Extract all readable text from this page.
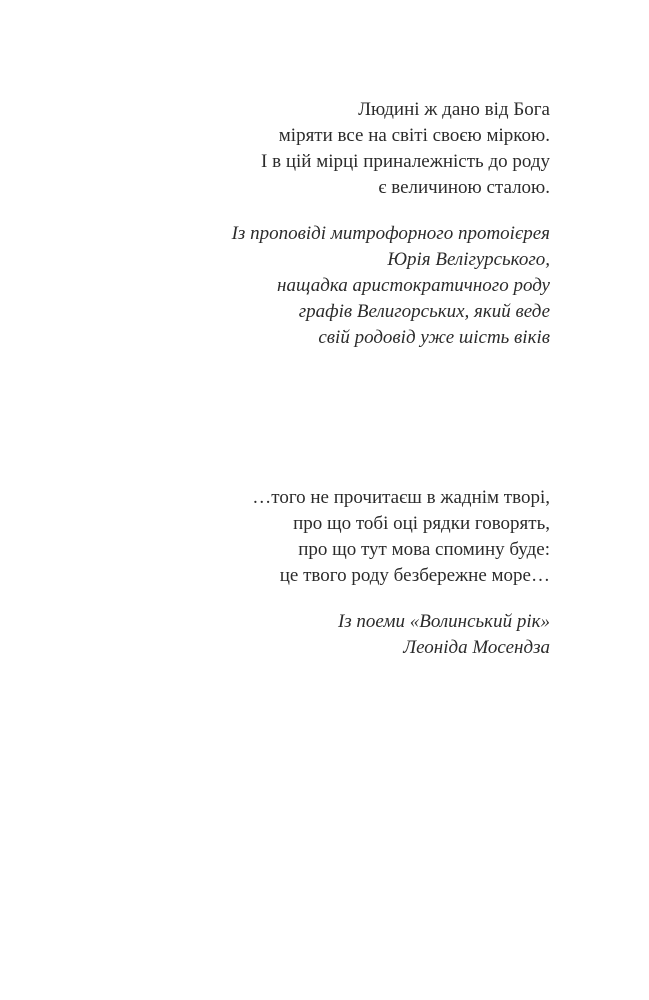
Людині ж дано від Бога

міряти все на світі своєю міркою.

І в цій мірці приналежність до роду

є величиною сталою.

Із проповіді митрофорного протоієрея

Юрія Велігурського,

нащадка аристократичного роду

графів Велигорських, який веде

свій родовід уже шість віків

…того не прочитаєш в жаднім творі,

про що тобі оці рядки говорять,

про що тут мова спомину буде:

це твого роду безбережне море…

Із поеми «Волинський рік»

Леоніда Мосендза
